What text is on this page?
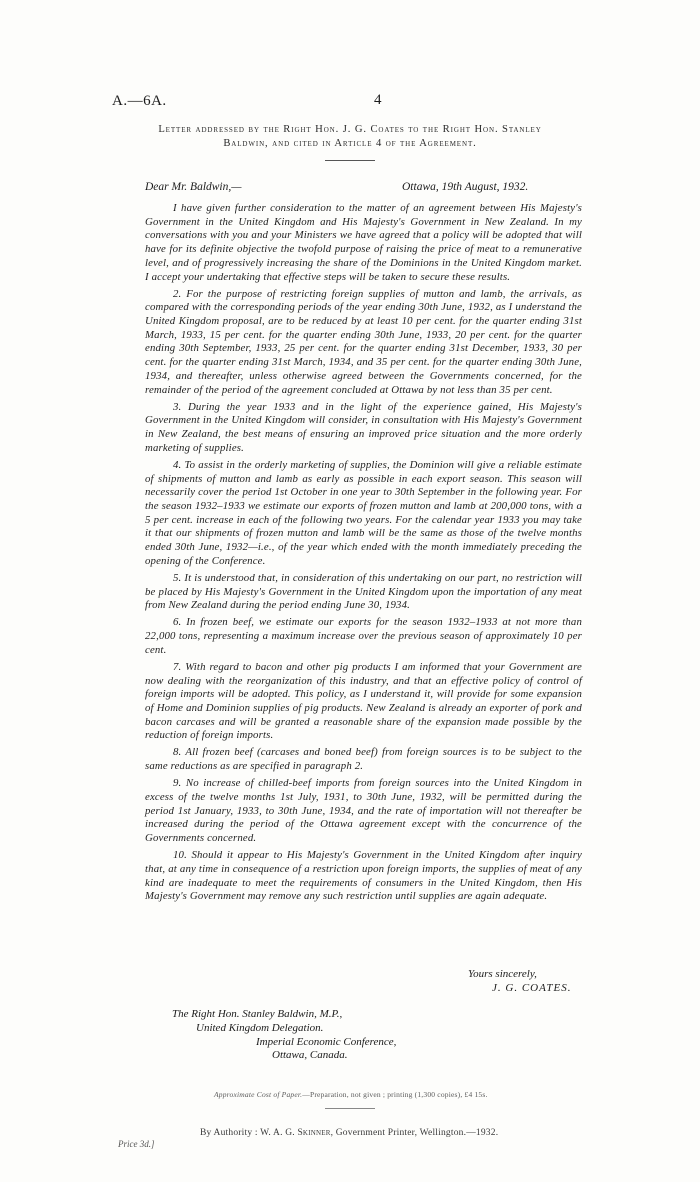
A.—6A.	4
Letter addressed by the Right Hon. J. G. Coates to the Right Hon. Stanley
Baldwin, and cited in Article 4 of the Agreement.
Dear Mr. Baldwin,—	Ottawa, 19th August, 1932.

I have given further consideration to the matter of an agreement between His Majesty's Government in the United Kingdom and His Majesty's Government in New Zealand. In my conversations with you and your Ministers we have agreed that a policy will be adopted that will have for its definite objective the twofold purpose of raising the price of meat to a remunerative level, and of progressively increasing the share of the Dominions in the United Kingdom market. I accept your undertaking that effective steps will be taken to secure these results.

2. For the purpose of restricting foreign supplies of mutton and lamb, the arrivals, as compared with the corresponding periods of the year ending 30th June, 1932, as I understand the United Kingdom proposal, are to be reduced by at least 10 per cent. for the quarter ending 31st March, 1933, 15 per cent. for the quarter ending 30th June, 1933, 20 per cent. for the quarter ending 30th September, 1933, 25 per cent. for the quarter ending 31st December, 1933, 30 per cent. for the quarter ending 31st March, 1934, and 35 per cent. for the quarter ending 30th June, 1934, and thereafter, unless otherwise agreed between the Governments concerned, for the remainder of the period of the agreement concluded at Ottawa by not less than 35 per cent.

3. During the year 1933 and in the light of the experience gained, His Majesty's Government in the United Kingdom will consider, in consultation with His Majesty's Government in New Zealand, the best means of ensuring an improved price situation and the more orderly marketing of supplies.

4. To assist in the orderly marketing of supplies, the Dominion will give a reliable estimate of shipments of mutton and lamb as early as possible in each export season. This season will necessarily cover the period 1st October in one year to 30th September in the following year. For the season 1932–1933 we estimate our exports of frozen mutton and lamb at 200,000 tons, with a 5 per cent. increase in each of the following two years. For the calendar year 1933 you may take it that our shipments of frozen mutton and lamb will be the same as those of the twelve months ended 30th June, 1932—i.e., of the year which ended with the month immediately preceding the opening of the Conference.

5. It is understood that, in consideration of this undertaking on our part, no restriction will be placed by His Majesty's Government in the United Kingdom upon the importation of any meat from New Zealand during the period ending June 30, 1934.

6. In frozen beef, we estimate our exports for the season 1932–1933 at not more than 22,000 tons, representing a maximum increase over the previous season of approximately 10 per cent.

7. With regard to bacon and other pig products I am informed that your Government are now dealing with the reorganization of this industry, and that an effective policy of control of foreign imports will be adopted. This policy, as I understand it, will provide for some expansion of Home and Dominion supplies of pig products. New Zealand is already an exporter of pork and bacon carcases and will be granted a reasonable share of the expansion made possible by the reduction of foreign imports.

8. All frozen beef (carcases and boned beef) from foreign sources is to be subject to the same reductions as are specified in paragraph 2.

9. No increase of chilled-beef imports from foreign sources into the United Kingdom in excess of the twelve months 1st July, 1931, to 30th June, 1932, will be permitted during the period 1st January, 1933, to 30th June, 1934, and the rate of importation will not thereafter be increased during the period of the Ottawa agreement except with the concurrence of the Governments concerned.

10. Should it appear to His Majesty's Government in the United Kingdom after inquiry that, at any time in consequence of a restriction upon foreign imports, the supplies of meat of any kind are inadequate to meet the requirements of consumers in the United Kingdom, then His Majesty's Government may remove any such restriction until supplies are again adequate.

Yours sincerely,
J. G. COATES.
The Right Hon. Stanley Baldwin, M.P.,
United Kingdom Delegation.
Imperial Economic Conference,
Ottawa, Canada.
Approximate Cost of Paper.—Preparation, not given ; printing (1,300 copies), £4 15s.
By Authority : W. A. G. Skinner, Government Printer, Wellington.—1932.
Price 3d.]
